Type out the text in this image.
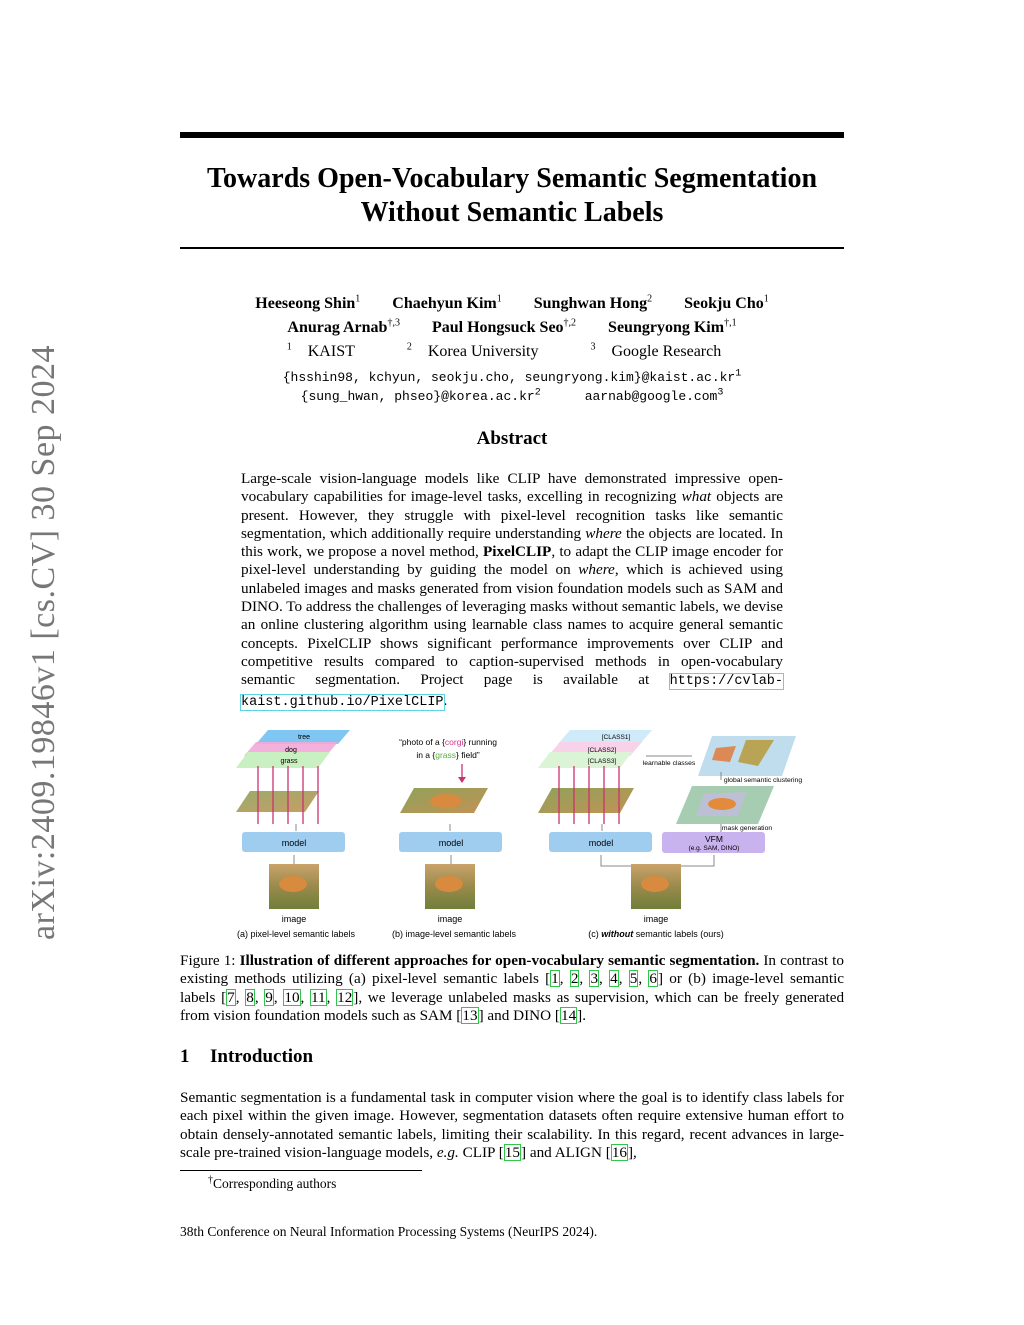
arXiv:2409.19846v1 [cs.CV] 30 Sep 2024
Towards Open-Vocabulary Semantic Segmentation
Without Semantic Labels
Heeseong Shin$^1$ Chaehyun Kim$^1$ Sunghwan Hong$^2$ Seokju Cho$^1$
Anurag Arnab$^{\dagger,3}$ Paul Hongsuck Seo$^{\dagger,2}$ Seungryong Kim$^{\dagger,1}$
$^1$ KAIST	$^2$ Korea University	$^3$ Google Research
{hsshin98, kchyun, seokju.cho, $seungryong.kim\}@kaist.ac.kr^1$
{sung_hwan, $phseo\}@korea.ac.kr^2$	aarnab@google.com$^3$
Abstract
Large-scale vision-language models like CLIP have demonstrated impressive open-vocabulary capabilities for image-level tasks, excelling in recognizing what objects are present. However, they struggle with pixel-level recognition tasks like semantic segmentation, which additionally require understanding where the objects are located. In this work, we propose a novel method, PixelCLIP, to adapt the CLIP image encoder for pixel-level understanding by guiding the model on where, which is achieved using unlabeled images and masks generated from vision foundation models such as SAM and DINO. To address the challenges of leveraging masks without semantic labels, we devise an online clustering algorithm using learnable class names to acquire general semantic concepts. PixelCLIP shows significant performance improvements over CLIP and competitive results compared to caption-supervised methods in open-vocabulary semantic segmentation. Project page is available at https://cvlab-kaist.github.io/PixelCLIP.
tree
dog
grass
model
image
(a) pixel-level semantic labels
“photo of a {corgi} running
in a {grass} field”
model
image
(b) image-level semantic labels
[CLASS1]
[CLASS2]
[CLASS3]	learnable classes
global semantic clustering
mask generation
model	VFM
(e.g. SAM, DINO)
image
(c) without semantic labels (ours)
Figure 1: Illustration of different approaches for open-vocabulary semantic segmentation. In contrast to existing methods utilizing (a) pixel-level semantic labels [1, 2, 3, 4, 5, 6] or (b) image-level semantic labels [7, 8, 9, 10, 11, 12], we leverage unlabeled masks as supervision, which can be freely generated from vision foundation models such as SAM [13] and DINO [14].
1 Introduction
Semantic segmentation is a fundamental task in computer vision where the goal is to identify class labels for each pixel within the given image. However, segmentation datasets often require extensive human effort to obtain densely-annotated semantic labels, limiting their scalability. In this regard, recent advances in large-scale pre-trained vision-language models, e.g. CLIP [15] and ALIGN [16],
†Corresponding authors
38th Conference on Neural Information Processing Systems (NeurIPS 2024).
